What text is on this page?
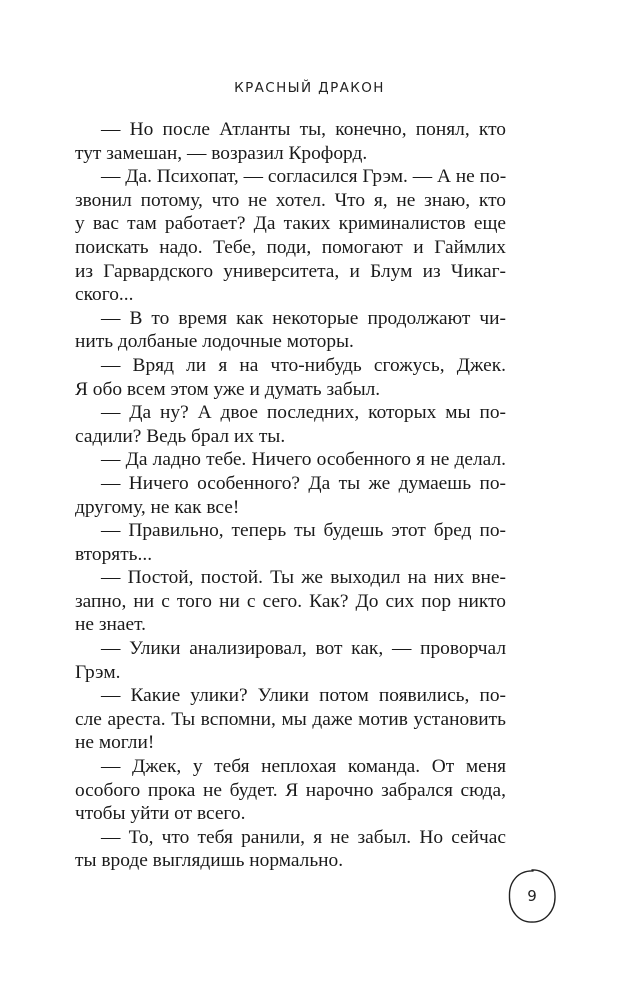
КРАСНЫЙ ДРАКОН
— Но после Атланты ты, конечно, понял, кто
тут замешан, — возразил Крофорд.
— Да. Психопат, — согласился Грэм. — А не по-
звонил потому, что не хотел. Что я, не знаю, кто
у вас там работает? Да таких криминалистов еще
поискать надо. Тебе, поди, помогают и Гаймлих
из Гарвардского университета, и Блум из Чикаг-
ского...
— В то время как некоторые продолжают чи-
нить долбаные лодочные моторы.
— Вряд ли я на что-нибудь сгожусь, Джек.
Я обо всем этом уже и думать забыл.
— Да ну? А двое последних, которых мы по-
садили? Ведь брал их ты.
— Да ладно тебе. Ничего особенного я не делал.
— Ничего особенного? Да ты же думаешь по-
другому, не как все!
— Правильно, теперь ты будешь этот бред по-
вторять...
— Постой, постой. Ты же выходил на них вне-
запно, ни с того ни с сего. Как? До сих пор никто
не знает.
— Улики анализировал, вот как, — проворчал
Грэм.
— Какие улики? Улики потом появились, по-
сле ареста. Ты вспомни, мы даже мотив установить
не могли!
— Джек, у тебя неплохая команда. От меня
особого прока не будет. Я нарочно забрался сюда,
чтобы уйти от всего.
— То, что тебя ранили, я не забыл. Но сейчас
ты вроде выглядишь нормально.
9
